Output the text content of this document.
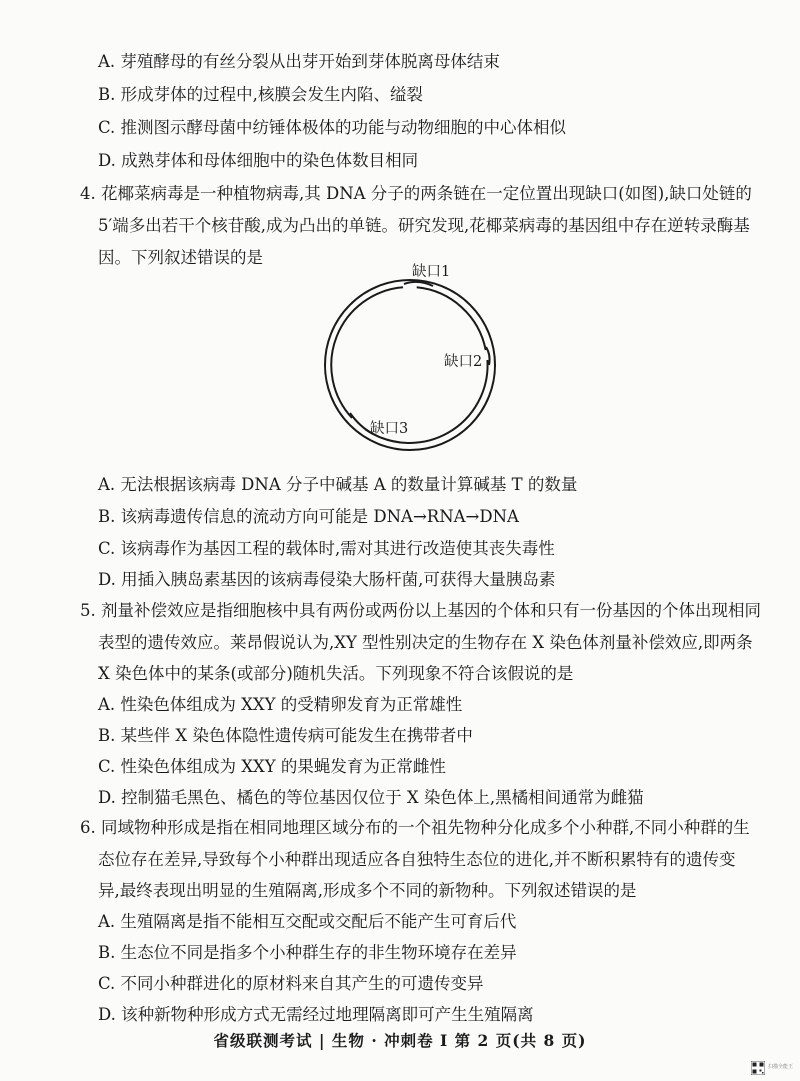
A. 芽殖酵母的有丝分裂从出芽开始到芽体脱离母体结束
B. 形成芽体的过程中,核膜会发生内陷、缢裂
C. 推测图示酵母菌中纺锤体极体的功能与动物细胞的中心体相似
D. 成熟芽体和母体细胞中的染色体数目相同
4. 花椰菜病毒是一种植物病毒,其 DNA 分子的两条链在一定位置出现缺口(如图),缺口处链的
5′端多出若干个核苷酸,成为凸出的单链。研究发现,花椰菜病毒的基因组中存在逆转录酶基
因。下列叙述错误的是
缺口1
缺口2
缺口3
A. 无法根据该病毒 DNA 分子中碱基 A 的数量计算碱基 T 的数量
B. 该病毒遗传信息的流动方向可能是 DNA→RNA→DNA
C. 该病毒作为基因工程的载体时,需对其进行改造使其丧失毒性
D. 用插入胰岛素基因的该病毒侵染大肠杆菌,可获得大量胰岛素
5. 剂量补偿效应是指细胞核中具有两份或两份以上基因的个体和只有一份基因的个体出现相同
表型的遗传效应。莱昂假说认为,XY 型性别决定的生物存在 X 染色体剂量补偿效应,即两条
X 染色体中的某条(或部分)随机失活。下列现象不符合该假说的是
A. 性染色体组成为 XXY 的受精卵发育为正常雄性
B. 某些伴 X 染色体隐性遗传病可能发生在携带者中
C. 性染色体组成为 XXY 的果蝇发育为正常雌性
D. 控制猫毛黑色、橘色的等位基因仅位于 X 染色体上,黑橘相间通常为雌猫
6. 同域物种形成是指在相同地理区域分布的一个祖先物种分化成多个小种群,不同小种群的生
态位存在差异,导致每个小种群出现适应各自独特生态位的进化,并不断积累特有的遗传变
异,最终表现出明显的生殖隔离,形成多个不同的新物种。下列叙述错误的是
A. 生殖隔离是指不能相互交配或交配后不能产生可育后代
B. 生态位不同是指多个小种群生存的非生物环境存在差异
C. 不同小种群进化的原材料来自其产生的可遗传变异
D. 该种新物种形成方式无需经过地理隔离即可产生生殖隔离
省级联测考试 | 生物 · 冲刺卷 I 第 2 页(共 8 页)
扫描全能王
